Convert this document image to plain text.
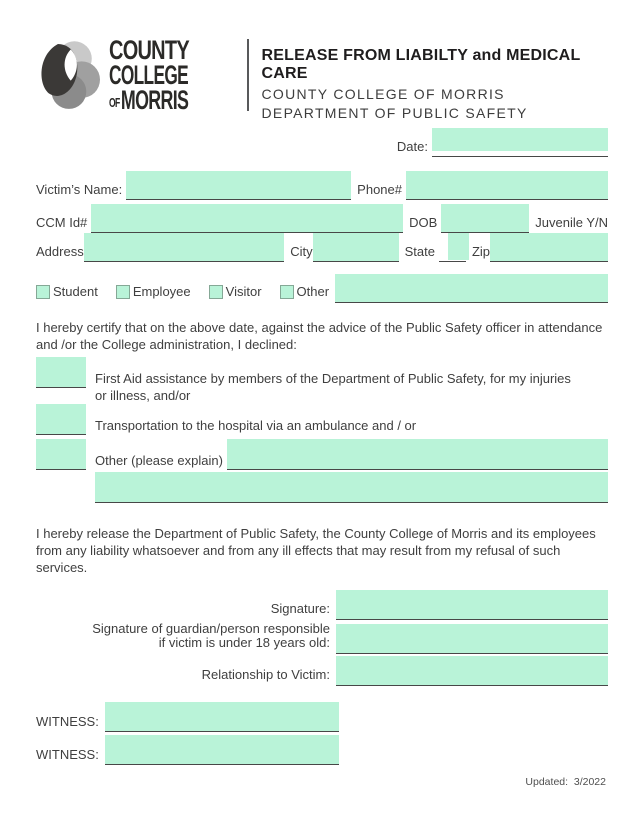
COUNTY
COLLEGE
OFMORRIS
RELEASE FROM LIABILTY and MEDICAL CARE
COUNTY COLLEGE OF MORRIS
DEPARTMENT OF PUBLIC SAFETY
Date:
Victim’s Name:	Phone#
CCM Id#	DOB	Juvenile Y/N
Address	City	State	Zip
Student	Employee	Visitor	Other
I hereby certify that on the above date, against the advice of the Public Safety officer in attendance and /or the College administration, I declined:
First Aid assistance by members of the Department of Public Safety, for my injuries or illness, and/or
Transportation to the hospital via an ambulance and / or
Other (please explain)
I hereby release the Department of Public Safety, the County College of Morris and its employees from any liability whatsoever and from any ill effects that may result from my refusal of such services.
Signature:
Signature of guardian/person responsible
if victim is under 18 years old:
Relationship to Victim:
WITNESS:
WITNESS:
Updated:  3/2022
